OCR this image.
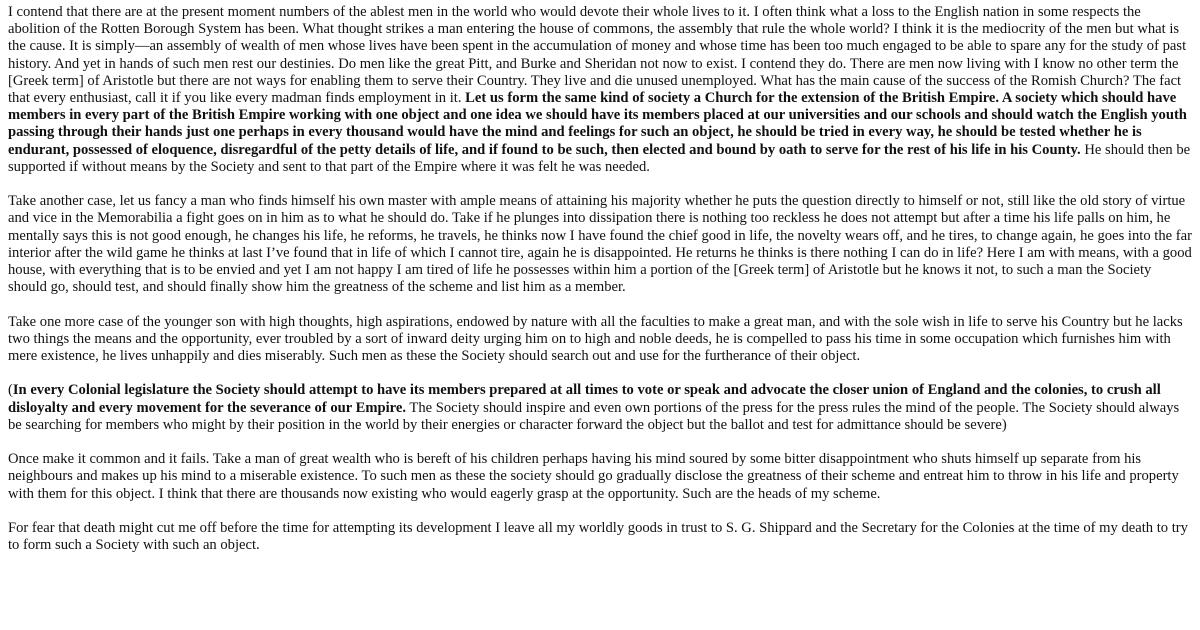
I contend that there are at the present moment numbers of the ablest men in the world who would devote their whole lives to it. I often think what a loss to the English nation in some respects the abolition of the Rotten Borough System has been. What thought strikes a man entering the house of commons, the assembly that rule the whole world? I think it is the mediocrity of the men but what is the cause. It is simply—an assembly of wealth of men whose lives have been spent in the accumulation of money and whose time has been too much engaged to be able to spare any for the study of past history. And yet in hands of such men rest our destinies. Do men like the great Pitt, and Burke and Sheridan not now to exist. I contend they do. There are men now living with I know no other term the [Greek term] of Aristotle but there are not ways for enabling them to serve their Country. They live and die unused unemployed. What has the main cause of the success of the Romish Church? The fact that every enthusiast, call it if you like every madman finds employment in it. Let us form the same kind of society a Church for the extension of the British Empire. A society which should have members in every part of the British Empire working with one object and one idea we should have its members placed at our universities and our schools and should watch the English youth passing through their hands just one perhaps in every thousand would have the mind and feelings for such an object, he should be tried in every way, he should be tested whether he is endurant, possessed of eloquence, disregardful of the petty details of life, and if found to be such, then elected and bound by oath to serve for the rest of his life in his County. He should then be supported if without means by the Society and sent to that part of the Empire where it was felt he was needed.

Take another case, let us fancy a man who finds himself his own master with ample means of attaining his majority whether he puts the question directly to himself or not, still like the old story of virtue and vice in the Memorabilia a fight goes on in him as to what he should do. Take if he plunges into dissipation there is nothing too reckless he does not attempt but after a time his life palls on him, he mentally says this is not good enough, he changes his life, he reforms, he travels, he thinks now I have found the chief good in life, the novelty wears off, and he tires, to change again, he goes into the far interior after the wild game he thinks at last I’ve found that in life of which I cannot tire, again he is disappointed. He returns he thinks is there nothing I can do in life? Here I am with means, with a good house, with everything that is to be envied and yet I am not happy I am tired of life he possesses within him a portion of the [Greek term] of Aristotle but he knows it not, to such a man the Society should go, should test, and should finally show him the greatness of the scheme and list him as a member.

Take one more case of the younger son with high thoughts, high aspirations, endowed by nature with all the faculties to make a great man, and with the sole wish in life to serve his Country but he lacks two things the means and the opportunity, ever troubled by a sort of inward deity urging him on to high and noble deeds, he is compelled to pass his time in some occupation which furnishes him with mere existence, he lives unhappily and dies miserably. Such men as these the Society should search out and use for the furtherance of their object.

(In every Colonial legislature the Society should attempt to have its members prepared at all times to vote or speak and advocate the closer union of England and the colonies, to crush all disloyalty and every movement for the severance of our Empire. The Society should inspire and even own portions of the press for the press rules the mind of the people. The Society should always be searching for members who might by their position in the world by their energies or character forward the object but the ballot and test for admittance should be severe)

Once make it common and it fails. Take a man of great wealth who is bereft of his children perhaps having his mind soured by some bitter disappointment who shuts himself up separate from his neighbours and makes up his mind to a miserable existence. To such men as these the society should go gradually disclose the greatness of their scheme and entreat him to throw in his life and property with them for this object. I think that there are thousands now existing who would eagerly grasp at the opportunity. Such are the heads of my scheme.

For fear that death might cut me off before the time for attempting its development I leave all my worldly goods in trust to S. G. Shippard and the Secretary for the Colonies at the time of my death to try to form such a Society with such an object.
